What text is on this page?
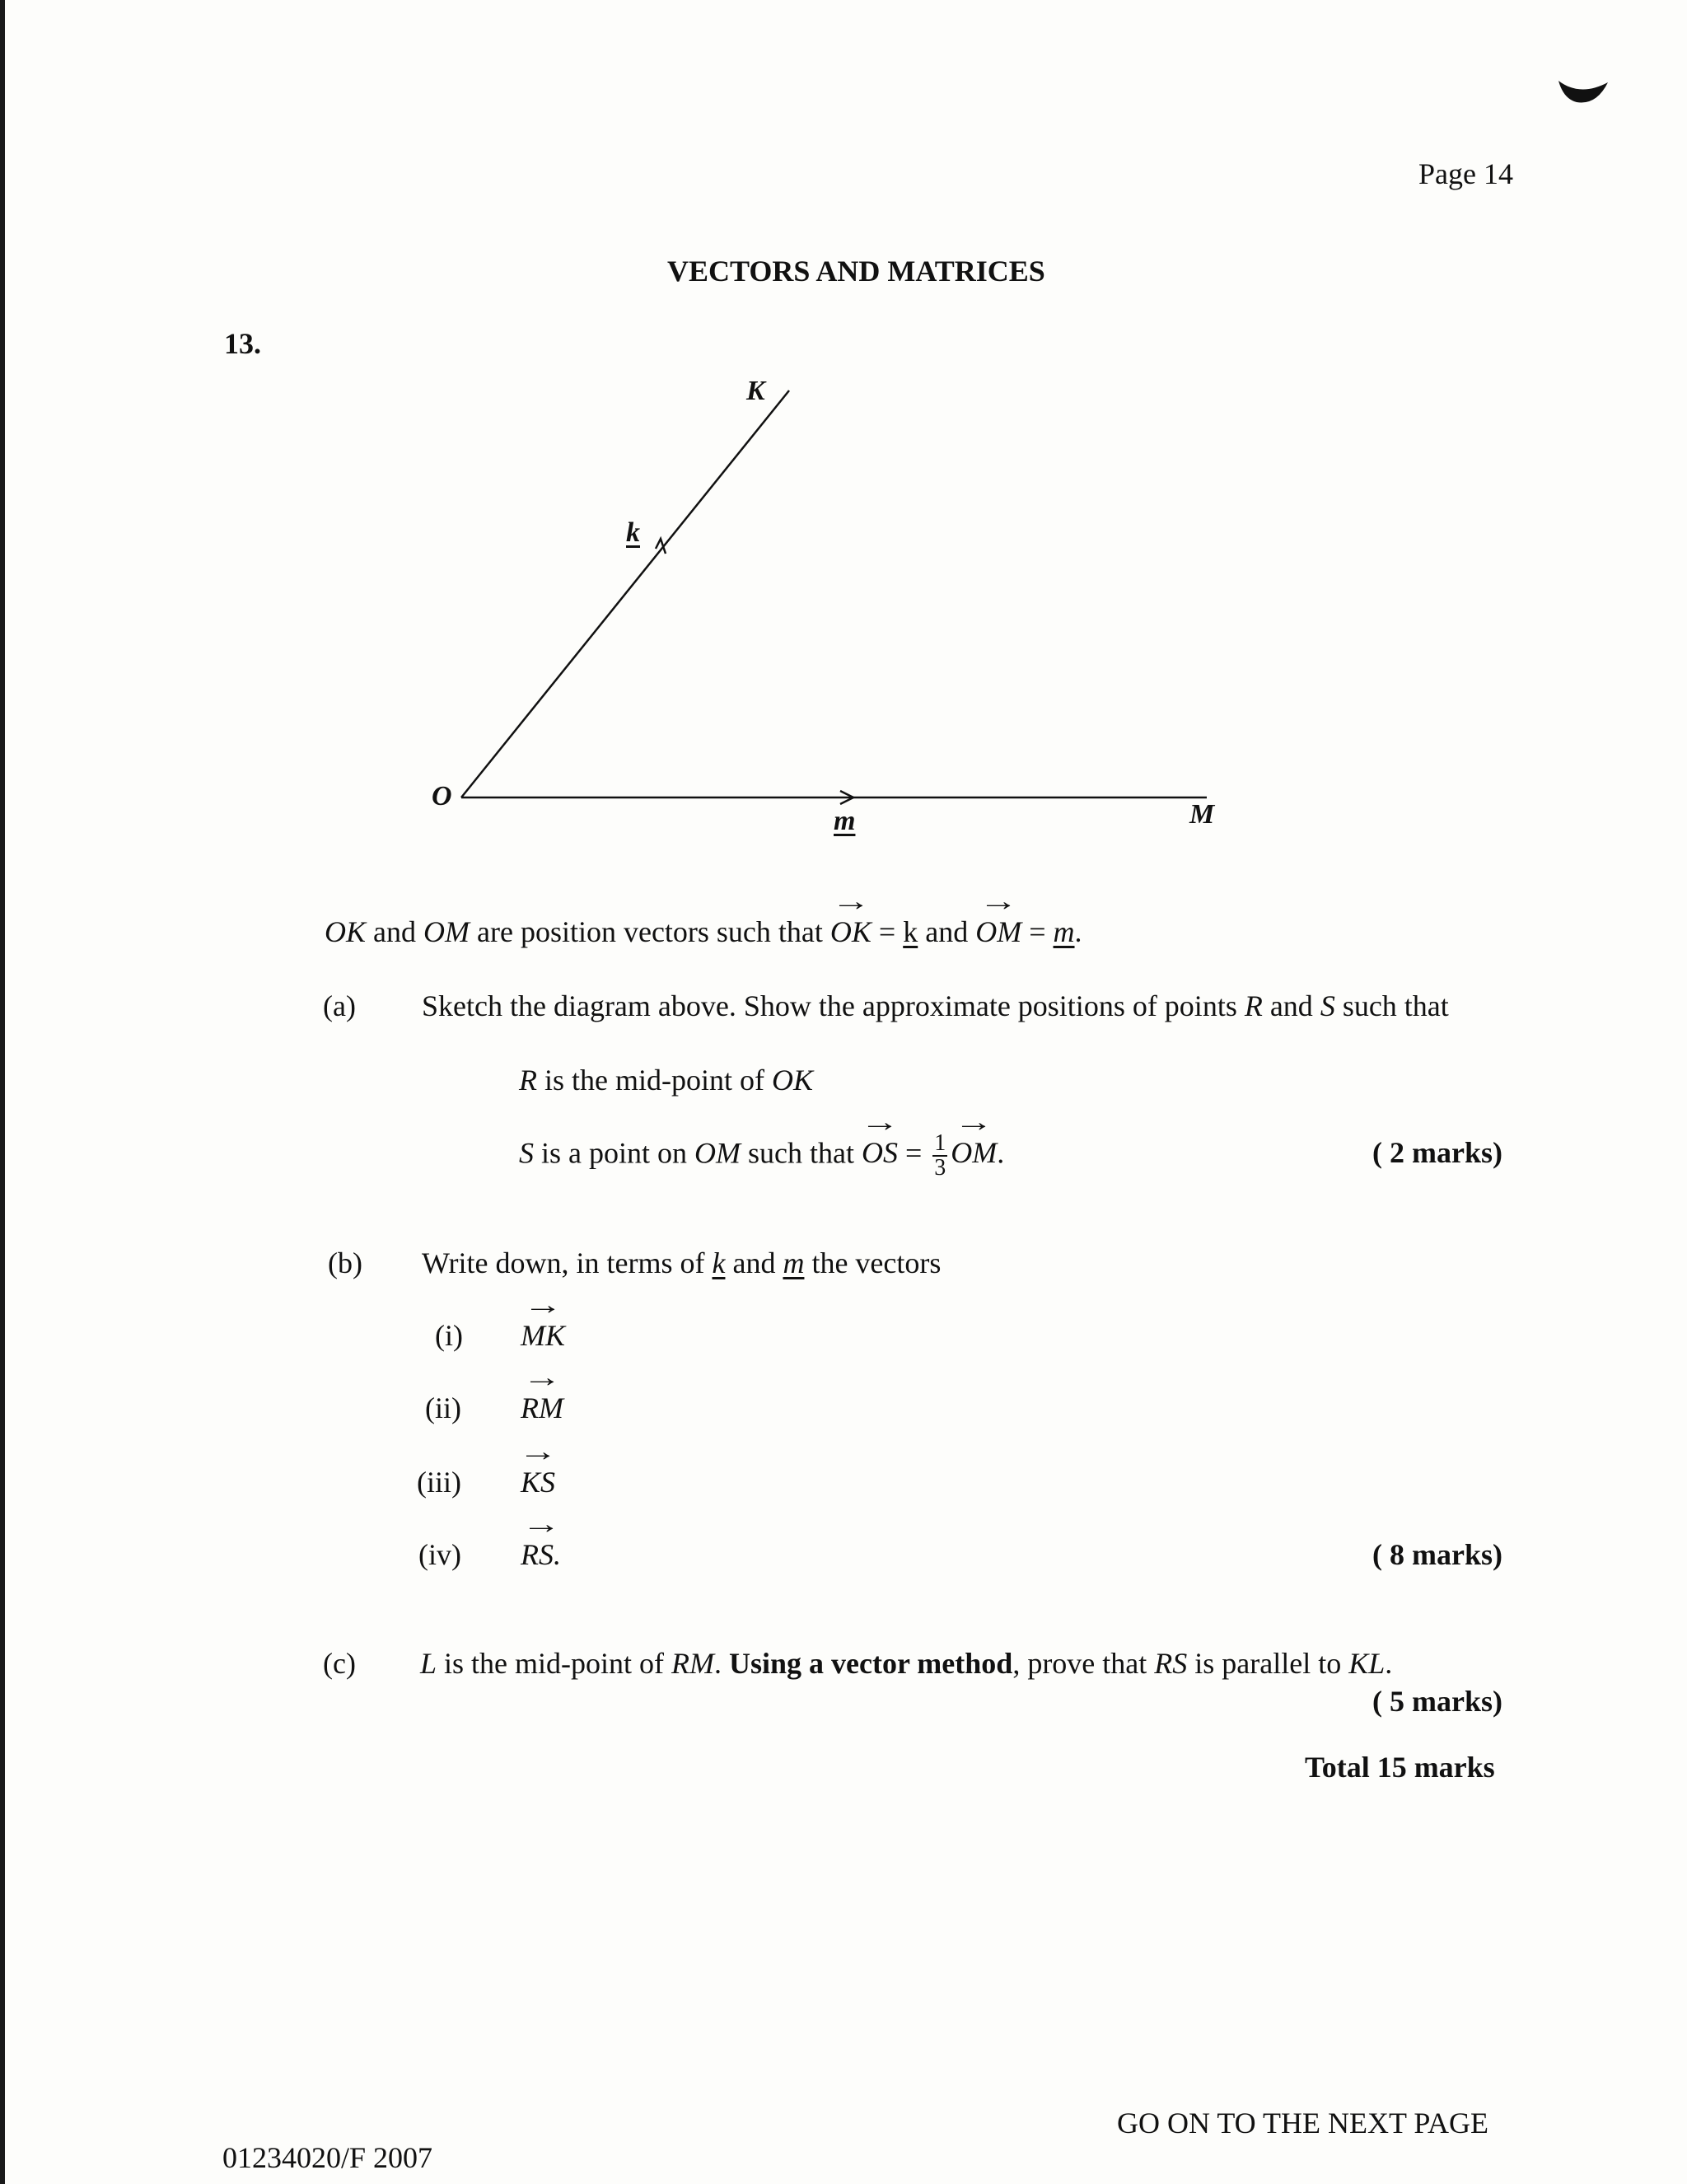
Page 14
VECTORS AND MATRICES
13.
K
k
O
m	M
OK and OM are position vectors such that → OK = k and → OM = m.
(a) Sketch the diagram above. Show the approximate positions of points R and S such that
R is the mid-point of OK
S is a point on OM such that → OS = $\frac{1}{3}$ → OM.	( 2 marks)
(b) Write down, in terms of k and m the vectors
(i) → MK
(ii) → RM
(iii) → KS
(iv) → RS.	( 8 marks)
(c) L is the mid-point of RM. Using a vector method, prove that RS is parallel to KL.
( 5 marks)
Total 15 marks
GO ON TO THE NEXT PAGE
01234020/F 2007
